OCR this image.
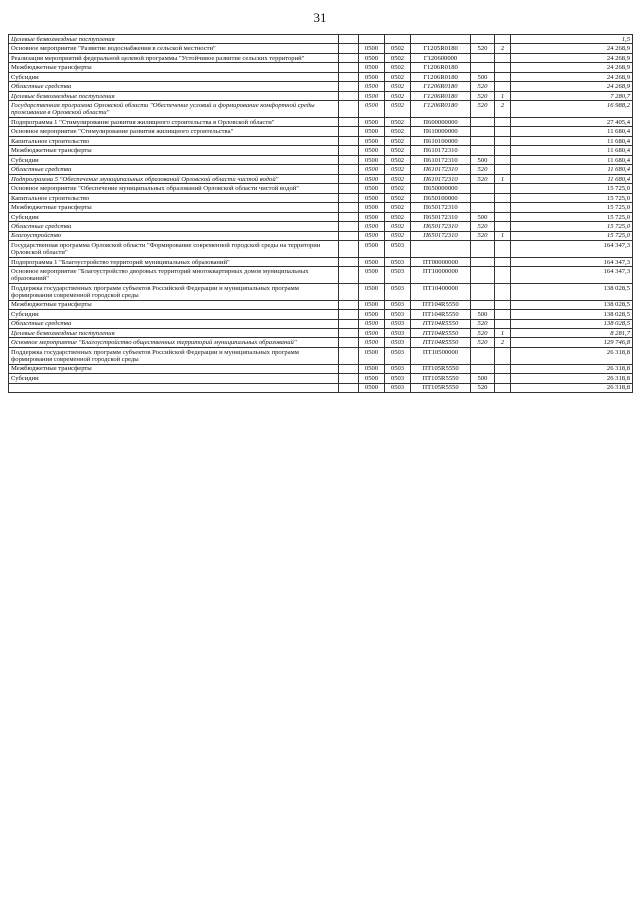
31
Целевые безвозмездные поступления							1,5
Основное мероприятие "Развитие водоснабжения в сельской местности"		0500	0502	Г1205R0180	520	2	24 268,9
Реализация мероприятий федеральной целевой программы "Устойчивое развитие сельских территорий"		0500	0502	Г120600000			24 268,9
Межбюджетные трансферты		0500	0502	Г1206R0180			24 268,9
Субсидии		0500	0502	Г1206R0180	500		24 268,9
Областные средства		0500	0502	Г1206R0180	520		24 268,9
Целевые безвозмездные поступления		0500	0502	Г1206R0180	520	1	7 280,7
Государственная программа Орловской области "Обеспечение условий и формирование комфортной среды проживания в Орловской области"		0500	0502	Г1206R0180	520	2	16 988,2
Подпрограмма 1 "Стимулирование развития жилищного строительства в Орловской области"		0500	0502	П600000000			27 405,4
Основное мероприятие "Стимулирование развития жилищного строительства"		0500	0502	П610000000			11 680,4
Капитальное строительство		0500	0502	П610100000			11 680,4
Межбюджетные трансферты		0500	0502	П610172310			11 680,4
Субсидии		0500	0502	П610172310	500		11 680,4
Областные средства		0500	0502	П610172310	520		11 680,4
Подпрограмма 5 "Обеспечение муниципальных образований Орловской области чистой водой"		0500	0502	П610172310	520	1	11 680,4
Основное мероприятие "Обеспечение муниципальных образований Орловской области чистой водой"		0500	0502	П650000000			15 725,0
Капитальное строительство		0500	0502	П650100000			15 725,0
Межбюджетные трансферты		0500	0502	П650172310			15 725,0
Субсидии		0500	0502	П650172310	500		15 725,0
Областные средства		0500	0502	П650172310	520		15 725,0
Благоустройство		0500	0502	П650172310	520	1	15 725,0
Государственная программа Орловской области "Формирование современной городской среды на территории Орловской области"		0500	0503				164 347,3
Подпрограмма 1 "Благоустройство территорий муниципальных образований"		0500	0503	ПТ00000000			164 347,3
Основное мероприятие "Благоустройство дворовых территорий многоквартирных домов муниципальных образований"		0500	0503	ПТ10000000			164 347,3
Поддержка государственных программ субъектов Российской Федерации и муниципальных программ формирования современной городской среды		0500	0503	ПТ10400000			138 028,5
Межбюджетные трансферты		0500	0503	ПТ104R5550			138 028,5
Субсидии		0500	0503	ПТ104R5550	500		138 028,5
Областные средства		0500	0503	ПТ104R5550	520		138 028,5
Целевые безвозмездные поступления		0500	0503	ПТ104R5550	520	1	8 281,7
Основное мероприятие "Благоустройство общественных территорий муниципальных образований"		0500	0503	ПТ104R5550	520	2	129 746,8
Поддержка государственных программ субъектов Российской Федерации и муниципальных программ формирования современной городской среды		0500	0503	ПТ10500000			26 318,8
Межбюджетные трансферты		0500	0503	ПТ105R5550			26 318,8
Субсидии		0500	0503	ПТ105R5550	500		26 318,8
		0500	0503	ПТ105R5550	520		26 318,8
